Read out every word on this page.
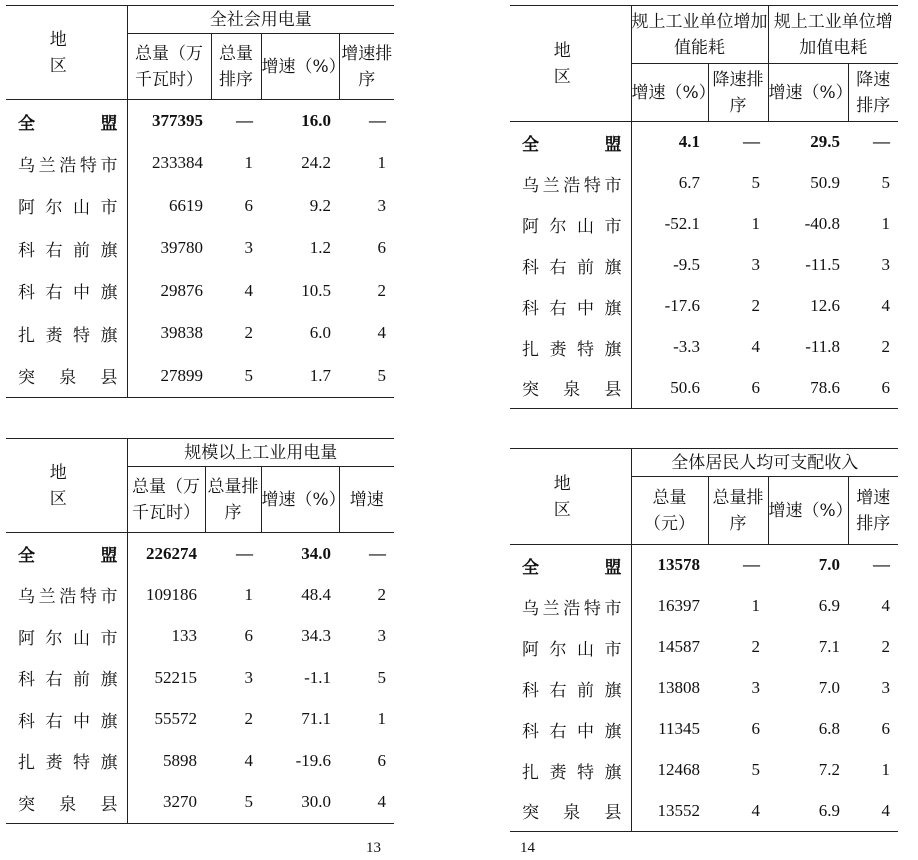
地 区	全社会用电量			
	总量（万千瓦时）	总量排序	增速（%）	增速排序
全盟	377395	—	16.0	—
乌兰浩特市	233384	1	24.2	1
阿尔山市	6619	6	9.2	3
科右前旗	39780	3	1.2	6
科右中旗	29876	4	10.5	2
扎赉特旗	39838	2	6.0	4
突泉县	27899	5	1.7	5
地 区	规上工业单位增加值能耗		规上工业单位增加值电耗	
	增速（%）	降速排序	增速（%）	降速排序
全盟	4.1	—	29.5	—
乌兰浩特市	6.7	5	50.9	5
阿尔山市	-52.1	1	-40.8	1
科右前旗	-9.5	3	-11.5	3
科右中旗	-17.6	2	12.6	4
扎赉特旗	-3.3	4	-11.8	2
突泉县	50.6	6	78.6	6
地 区	规模以上工业用电量			
	总量（万千瓦时）	总量排序	增速（%）	增速
全盟	226274	—	34.0	—
乌兰浩特市	109186	1	48.4	2
阿尔山市	133	6	34.3	3
科右前旗	52215	3	-1.1	5
科右中旗	55572	2	71.1	1
扎赉特旗	5898	4	-19.6	6
突泉县	3270	5	30.0	4
地 区	全体居民人均可支配收入			
	总量（元）	总量排序	增速（%）	增速排序
全盟	13578	—	7.0	—
乌兰浩特市	16397	1	6.9	4
阿尔山市	14587	2	7.1	2
科右前旗	13808	3	7.0	3
科右中旗	11345	6	6.8	6
扎赉特旗	12468	5	7.2	1
突泉县	13552	4	6.9	4
13	14
